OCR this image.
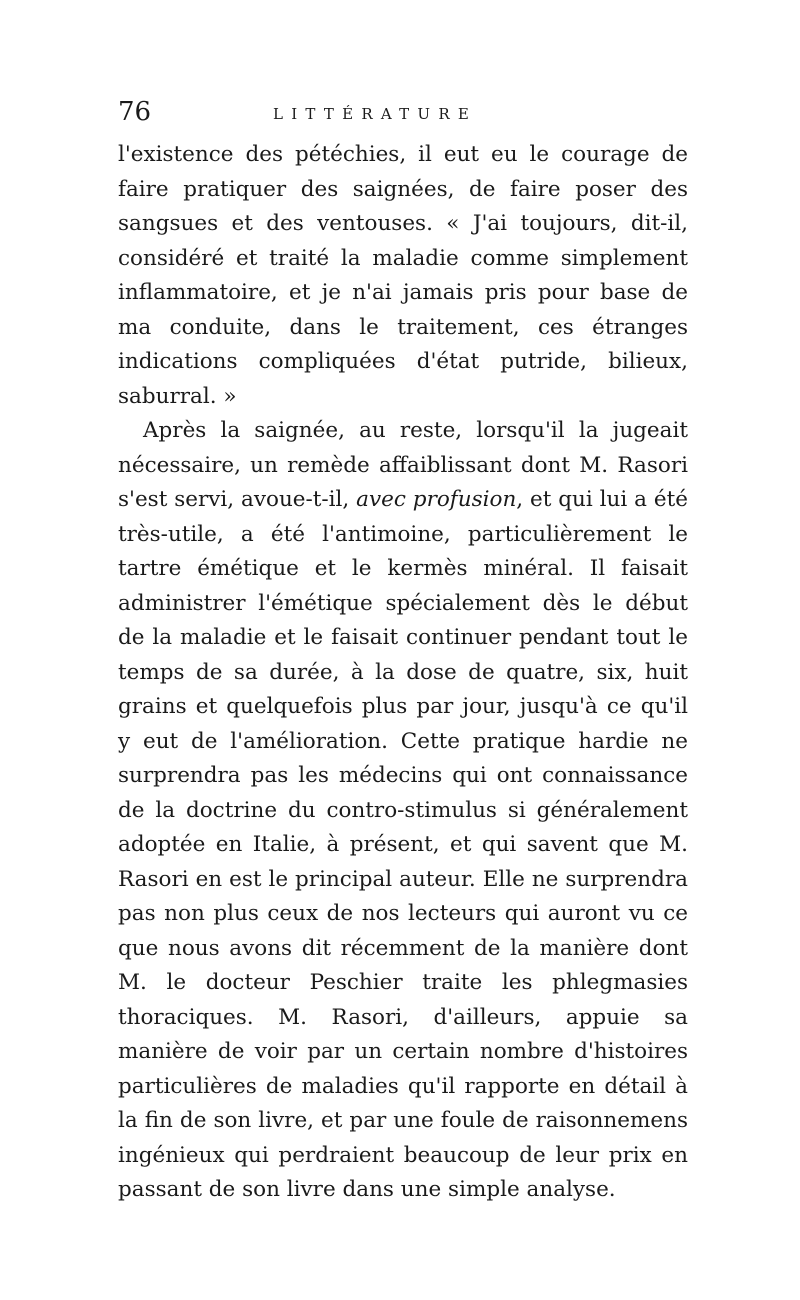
76	LITTÉRATURE

l'existence des pétéchies, il eut eu le courage de faire pratiquer des saignées, de faire poser des sangsues et des ventouses. « J'ai toujours, dit-il, considéré et traité la maladie comme simplement inflammatoire, et je n'ai jamais pris pour base de ma conduite, dans le traitement, ces étranges indications compliquées d'état putride, bilieux, saburral. »

Après la saignée, au reste, lorsqu'il la jugeait nécessaire, un remède affaiblissant dont M. Rasori s'est servi, avoue-t-il, avec profusion, et qui lui a été très-utile, a été l'antimoine, particulièrement le tartre émétique et le kermès minéral. Il faisait administrer l'émétique spécialement dès le début de la maladie et le faisait continuer pendant tout le temps de sa durée, à la dose de quatre, six, huit grains et quelquefois plus par jour, jusqu'à ce qu'il y eut de l'amélioration. Cette pratique hardie ne surprendra pas les médecins qui ont connaissance de la doctrine du contro-stimulus si généralement adoptée en Italie, à présent, et qui savent que M. Rasori en est le principal auteur. Elle ne surprendra pas non plus ceux de nos lecteurs qui auront vu ce que nous avons dit récemment de la manière dont M. le docteur Peschier traite les phlegmasies thoraciques. M. Rasori, d'ailleurs, appuie sa manière de voir par un certain nombre d'histoires particulières de maladies qu'il rapporte en détail à la fin de son livre, et par une foule de raisonnemens ingénieux qui perdraient beaucoup de leur prix en passant de son livre dans une simple analyse.
